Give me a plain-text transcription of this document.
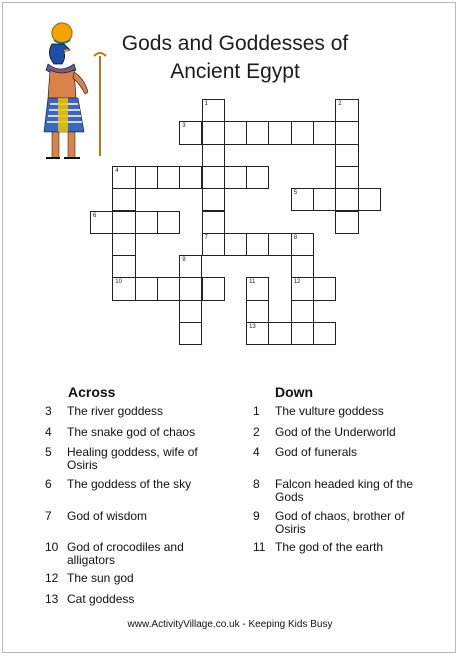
Gods and Goddesses of
Ancient Egypt
1	2
3
4
5
6
7	8
9
10	11	12
13
Across	Down
3	The river goddess
4	The snake god of chaos
5	Healing goddess, wife of Osiris
6	The goddess of the sky
7	God of wisdom
10 God of crocodiles and alligators
12 The sun god
13 Cat goddess
1	The vulture goddess
2	God of the Underworld
4	God of funerals
8	Falcon headed king of the Gods
9	God of chaos, brother of Osiris
11 The god of the earth
www.ActivityVillage.co.uk - Keeping Kids Busy
